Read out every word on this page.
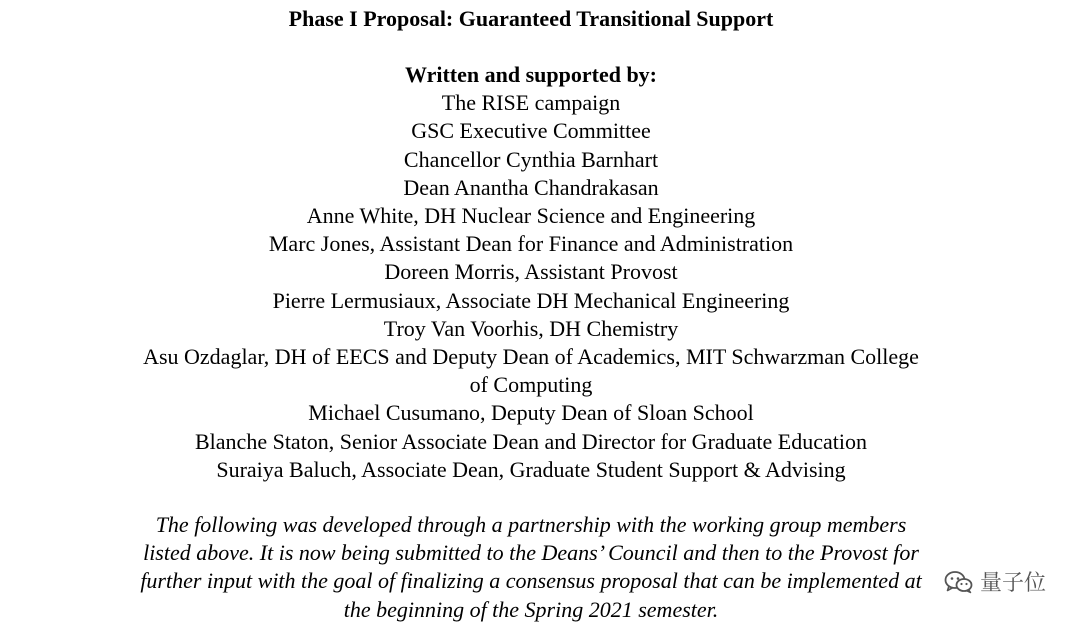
Phase I Proposal: Guaranteed Transitional Support
Written and supported by:
The RISE campaign
GSC Executive Committee
Chancellor Cynthia Barnhart
Dean Anantha Chandrakasan
Anne White, DH Nuclear Science and Engineering
Marc Jones, Assistant Dean for Finance and Administration
Doreen Morris, Assistant Provost
Pierre Lermusiaux, Associate DH Mechanical Engineering
Troy Van Voorhis, DH Chemistry
Asu Ozdaglar, DH of EECS and Deputy Dean of Academics, MIT Schwarzman College
of Computing
Michael Cusumano, Deputy Dean of Sloan School
Blanche Staton, Senior Associate Dean and Director for Graduate Education
Suraiya Baluch, Associate Dean, Graduate Student Support & Advising
The following was developed through a partnership with the working group members
listed above. It is now being submitted to the Deans’ Council and then to the Provost for
further input with the goal of finalizing a consensus proposal that can be implemented at
the beginning of the Spring 2021 semester.
量子位
